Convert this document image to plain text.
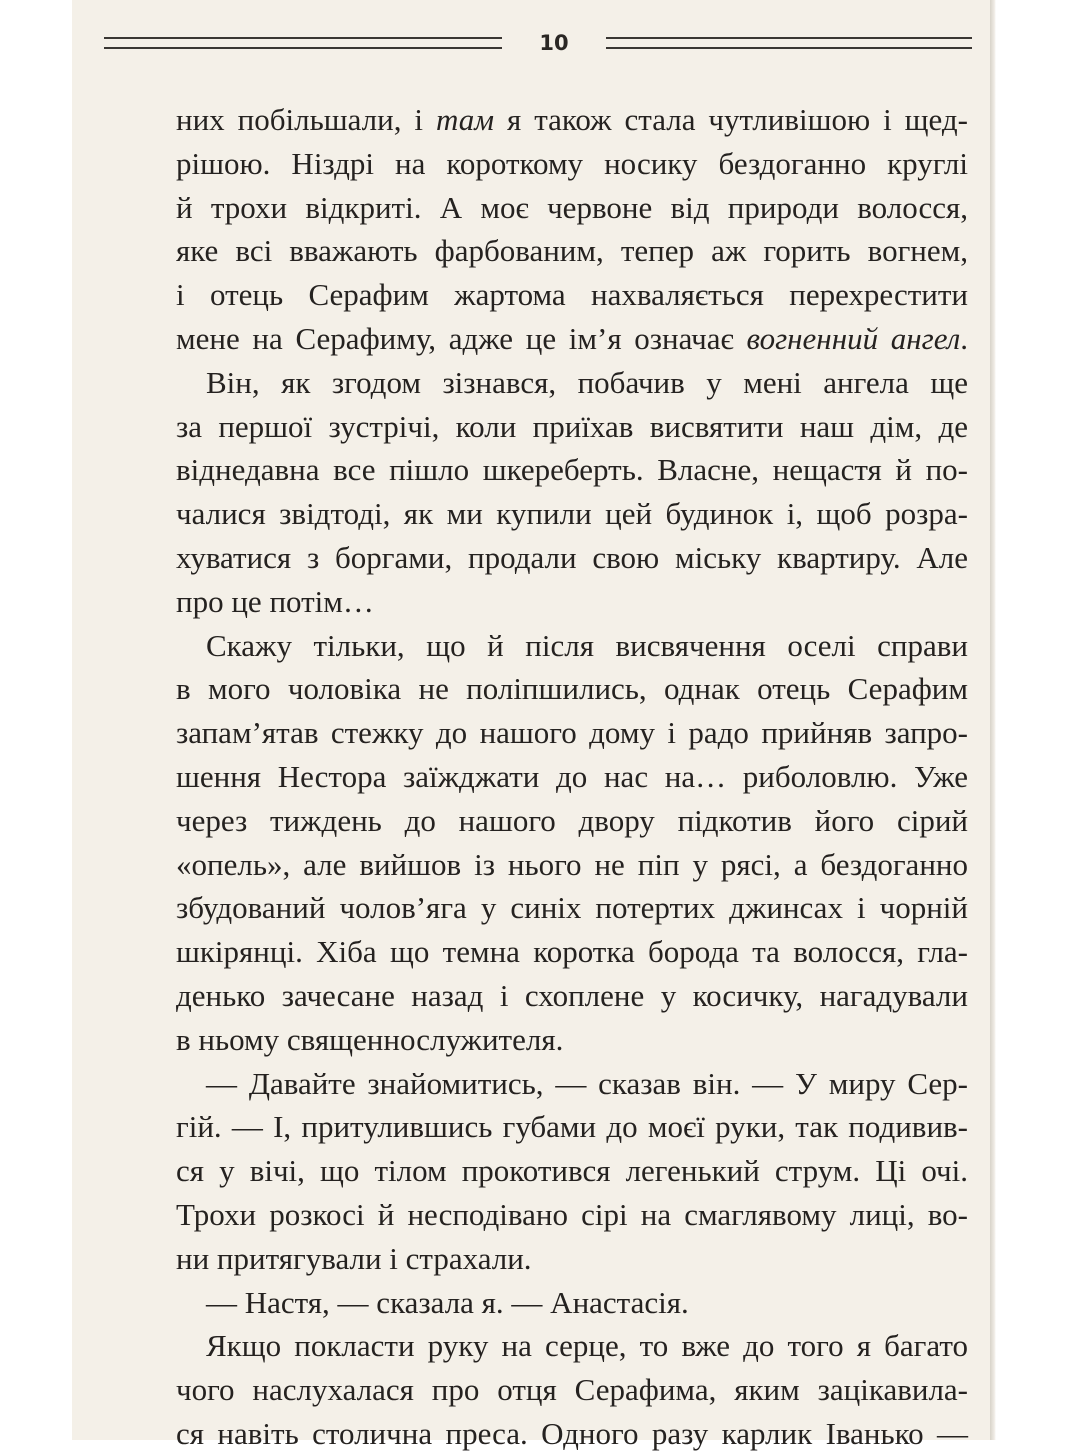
10
них побільшали, і там я також стала чутливішою і щед-
рішою. Ніздрі на короткому носику бездоганно круглі
й трохи відкриті. А моє червоне від природи волосся,
яке всі вважають фарбованим, тепер аж горить вогнем,
і отець Серафим жартома нахваляється перехрестити
мене на Серафиму, адже це ім’я означає вогненний ангел.
Він, як згодом зізнався, побачив у мені ангела ще
за першої зустрічі, коли приїхав висвятити наш дім, де
віднедавна все пішло шкереберть. Власне, нещастя й по-
чалися звідтоді, як ми купили цей будинок і, щоб розра-
хуватися з боргами, продали свою міську квартиру. Але
про це потім…
Скажу тільки, що й після висвячення оселі справи
в мого чоловіка не поліпшились, однак отець Серафим
запам’ятав стежку до нашого дому і радо прийняв запро-
шення Нестора заїжджати до нас на… риболовлю. Уже
через тиждень до нашого двору підкотив його сірий
«опель», але вийшов із нього не піп у рясі, а бездоганно
збудований чолов’яга у синіх потертих джинсах і чорній
шкірянці. Хіба що темна коротка борода та волосся, гла-
денько зачесане назад і схоплене у косичку, нагадували
в ньому священнослужителя.
— Давайте знайомитись, — сказав він. — У миру Сер-
гій. — І, притулившись губами до моєї руки, так подивив-
ся у вічі, що тілом прокотився легенький струм. Ці очі.
Трохи розкосі й несподівано сірі на смаглявому лиці, во-
ни притягували і страхали.
— Настя, — сказала я. — Анастасія.
Якщо покласти руку на серце, то вже до того я багато
чого наслухалася про отця Серафима, яким зацікавила-
ся навіть столична преса. Одного разу карлик Іванько —
